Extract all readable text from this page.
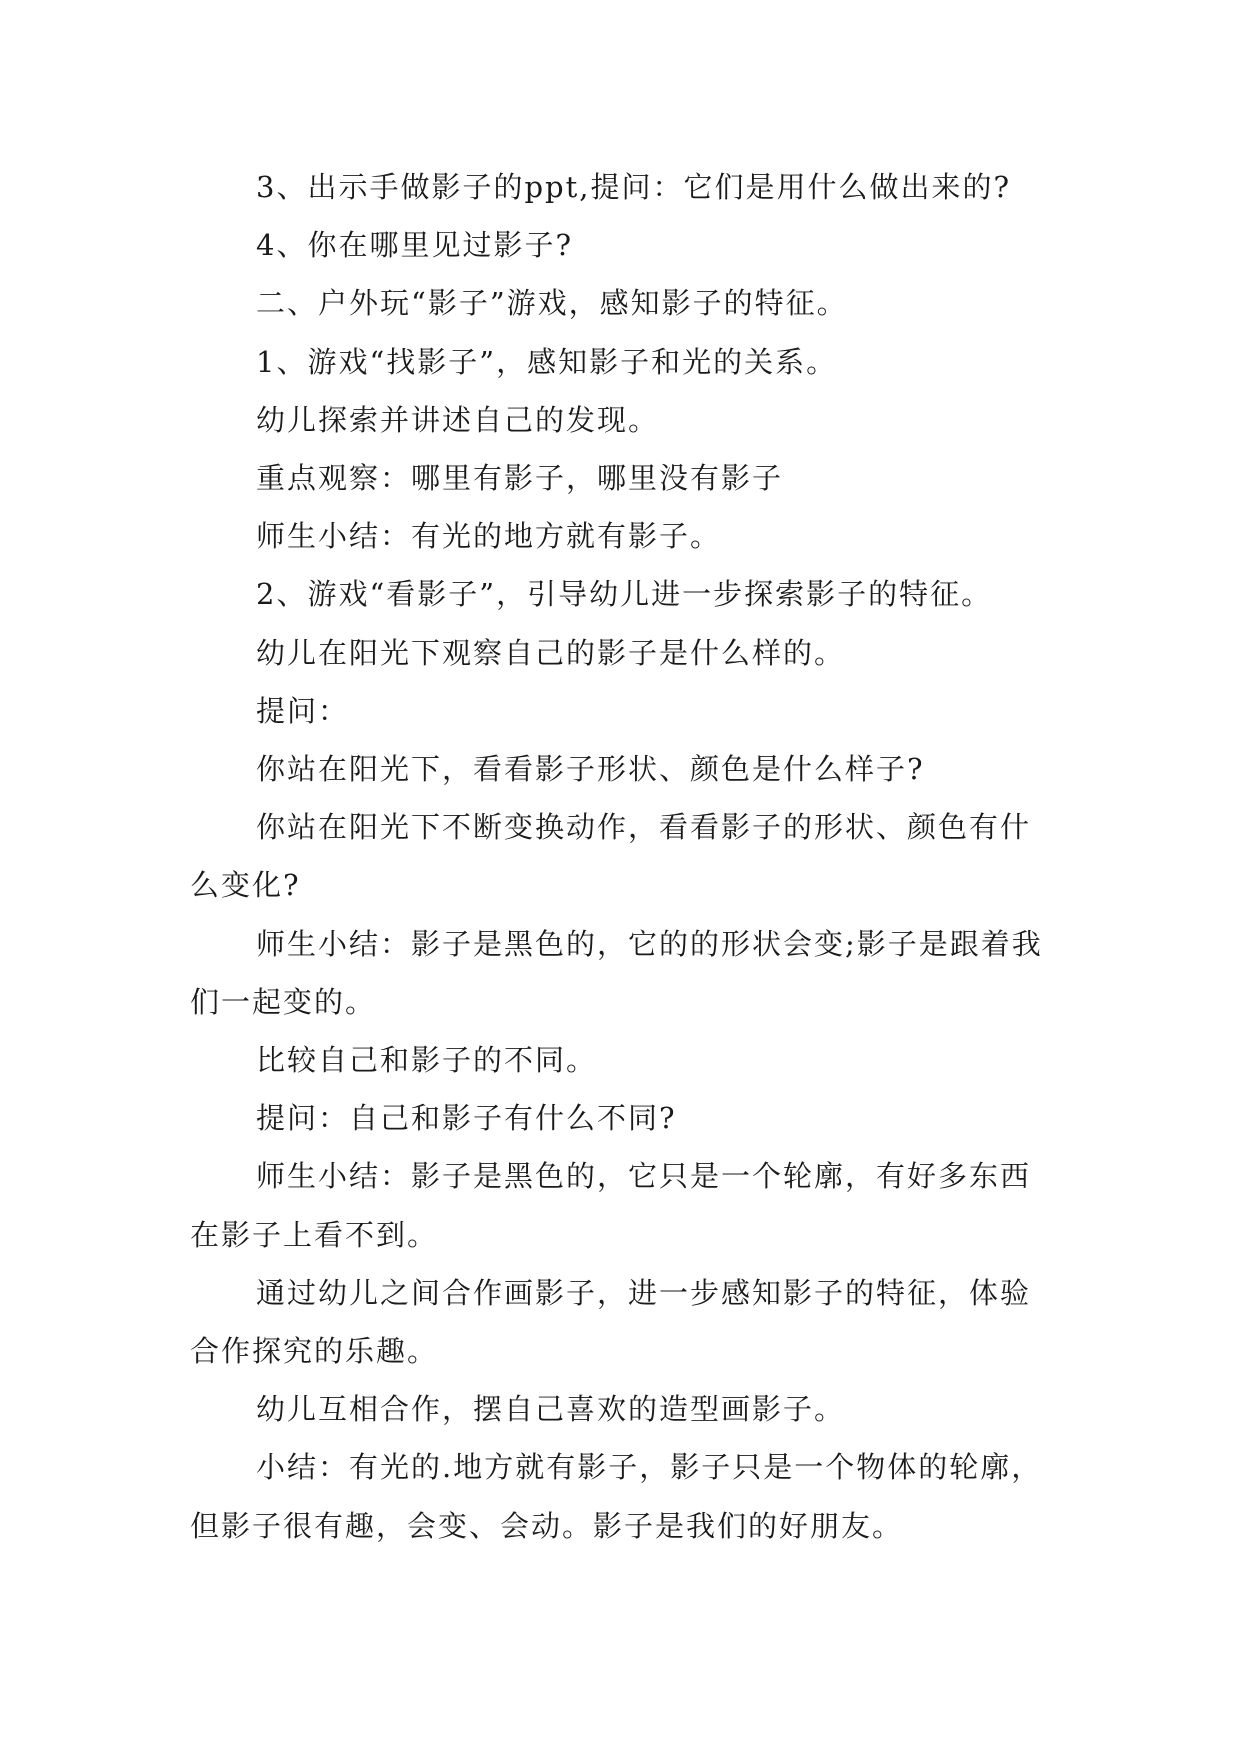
3、出示手做影子的ppt,提问：它们是用什么做出来的?

4、你在哪里见过影子?

二、户外玩“影子”游戏，感知影子的特征。

1、游戏“找影子”，感知影子和光的关系。

幼儿探索并讲述自己的发现。

重点观察：哪里有影子，哪里没有影子

师生小结：有光的地方就有影子。

2、游戏“看影子”，引导幼儿进一步探索影子的特征。

幼儿在阳光下观察自己的影子是什么样的。

提问：

你站在阳光下，看看影子形状、颜色是什么样子?

你站在阳光下不断变换动作，看看影子的形状、颜色有什么变化?

师生小结：影子是黑色的，它的的形状会变;影子是跟着我们一起变的。

比较自己和影子的不同。

提问：自己和影子有什么不同?

师生小结：影子是黑色的，它只是一个轮廓，有好多东西在影子上看不到。

通过幼儿之间合作画影子，进一步感知影子的特征，体验合作探究的乐趣。

幼儿互相合作，摆自己喜欢的造型画影子。

小结：有光的.地方就有影子，影子只是一个物体的轮廓，但影子很有趣，会变、会动。影子是我们的好朋友。
